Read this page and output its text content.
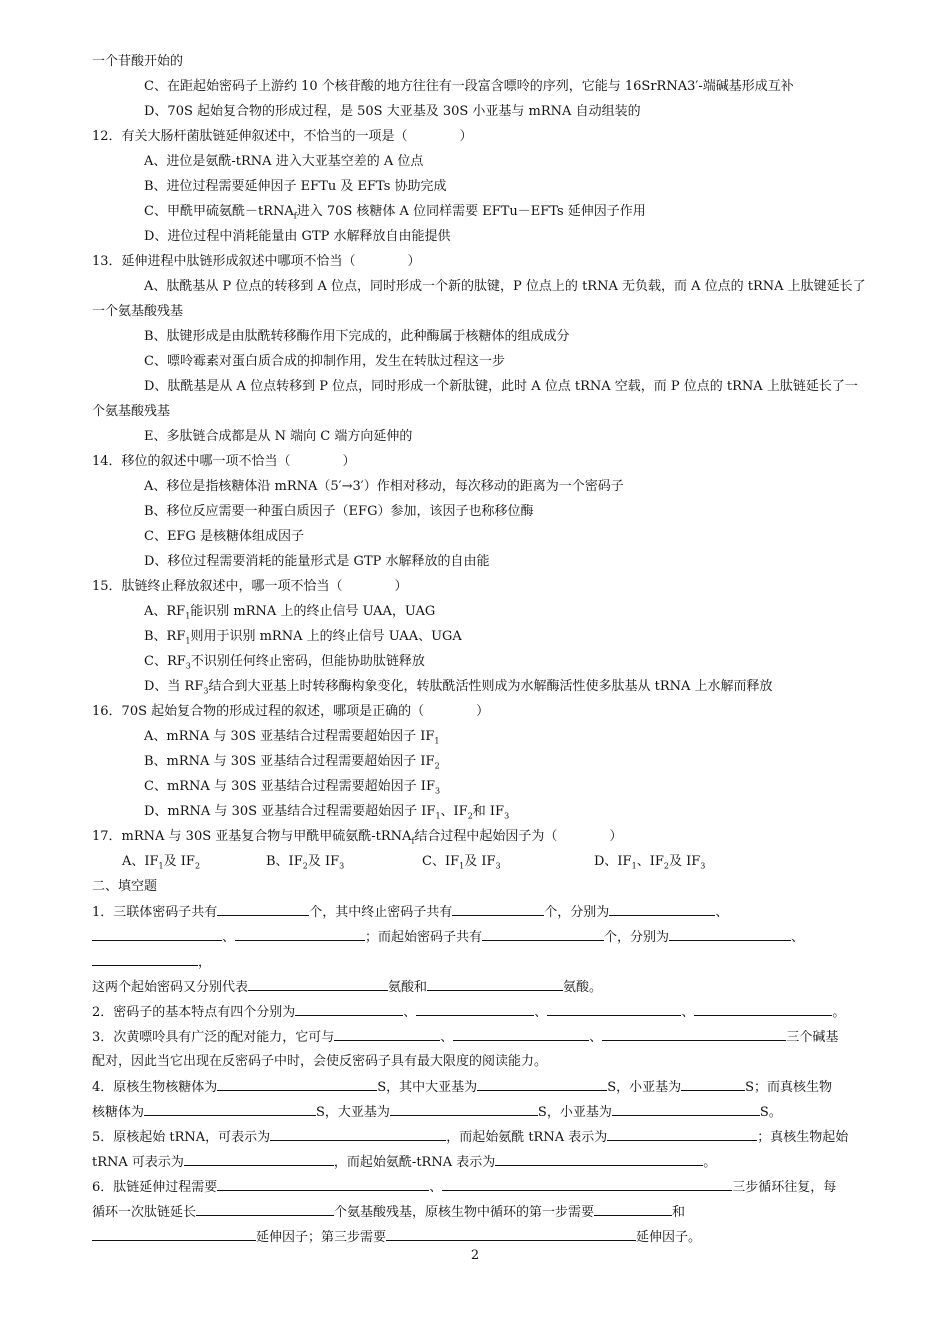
一个苷酸开始的
C、在距起始密码子上游约 10 个核苷酸的地方往往有一段富含嘌呤的序列，它能与 16SrRNA3′-端碱基形成互补
D、70S 起始复合物的形成过程，是 50S 大亚基及 30S 小亚基与 mRNA 自动组装的
12．有关大肠杆菌肽链延伸叙述中，不恰当的一项是（　　　　）
A、进位是氨酰-tRNA 进入大亚基空差的 A 位点
B、进位过程需要延伸因子 EFTu 及 EFTs 协助完成
C、甲酰甲硫氨酰－tRNA$_f$进入 70S 核糖体 A 位同样需要 EFTu－EFTs 延伸因子作用
D、进位过程中消耗能量由 GTP 水解释放自由能提供
13．延伸进程中肽链形成叙述中哪项不恰当（　　　　）
A、肽酰基从 P 位点的转移到 A 位点，同时形成一个新的肽键，P 位点上的 tRNA 无负载，而 A 位点的 tRNA 上肽键延长了
一个氨基酸残基
B、肽键形成是由肽酰转移酶作用下完成的，此种酶属于核糖体的组成成分
C、嘌呤霉素对蛋白质合成的抑制作用，发生在转肽过程这一步
D、肽酰基是从 A 位点转移到 P 位点，同时形成一个新肽键，此时 A 位点 tRNA 空载，而 P 位点的 tRNA 上肽链延长了一
个氨基酸残基
E、多肽链合成都是从 N 端向 C 端方向延伸的
14．移位的叙述中哪一项不恰当（　　　　）
A、移位是指核糖体沿 mRNA（5′→3′）作相对移动，每次移动的距离为一个密码子
B、移位反应需要一种蛋白质因子（EFG）参加，该因子也称移位酶
C、EFG 是核糖体组成因子
D、移位过程需要消耗的能量形式是 GTP 水解释放的自由能
15．肽链终止释放叙述中，哪一项不恰当（　　　　）
A、$RF_1$能识别 mRNA 上的终止信号 UAA，UAG
B、$RF_1$则用于识别 mRNA 上的终止信号 UAA、UGA
C、$RF_3$不识别任何终止密码，但能协助肽链释放
D、当 $RF_3$结合到大亚基上时转移酶构象变化，转肽酰活性则成为水解酶活性使多肽基从 tRNA 上水解而释放
16．70S 起始复合物的形成过程的叙述，哪项是正确的（　　　　）
A、mRNA 与 30S 亚基结合过程需要超始因子 $IF_1$
B、mRNA 与 30S 亚基结合过程需要超始因子 $IF_2$
C、mRNA 与 30S 亚基结合过程需要超始因子 $IF_3$
D、mRNA 与 30S 亚基结合过程需要超始因子 $IF_1$、$IF_2$和 $IF_3$
17．mRNA 与 30S 亚基复合物与甲酰甲硫氨酰-tRNA$_f$结合过程中起始因子为（　　　　）
A、$IF_1$及 $IF_2$	B、$IF_2$及 $IF_3$	C、$IF_1$及 $IF_3$	D、$IF_1$、$IF_2$及 $IF_3$
二、填空题
1．三联体密码子共有	个，其中终止密码子共有	个，分别为	、
、	；而起始密码子共有	个，分别为	、
，
这两个起始密码又分别代表	氨酸和	氨酸。
2．密码子的基本特点有四个分别为	、	、	、	。
3．次黄嘌呤具有广泛的配对能力，它可与	、	、	三个碱基
配对，因此当它出现在反密码子中时，会使反密码子具有最大限度的阅读能力。
4．原核生物核糖体为	S，其中大亚基为	S，小亚基为	S；而真核生物
核糖体为	S，大亚基为	S，小亚基为	S。
5．原核起始 tRNA，可表示为	，而起始氨酰 tRNA 表示为	；真核生物起始
tRNA 可表示为	，而起始氨酰-tRNA 表示为	。
6．肽链延伸过程需要	、	三步循环往复，每
循环一次肽链延长	个氨基酸残基，原核生物中循环的第一步需要	和
延伸因子；第三步需要	延伸因子。
2
